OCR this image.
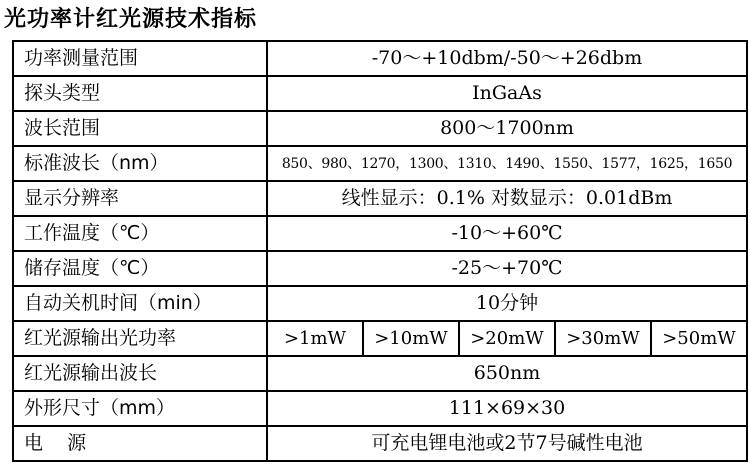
光功率计红光源技术指标
功率测量范围	-70～+10dbm/-50～+26dbm
探头类型	InGaAs
波长范围	800～1700nm
标准波长（nm）	850、980、1270，1300、1310、1490、1550、1577，1625，1650
显示分辨率	线性显示：0.1% 对数显示：0.01dBm
工作温度（℃）	-10～+60℃
储存温度（℃）	-25～+70℃
自动关机时间（min）	10分钟
红光源输出光功率	>1mW >10mW >20mW >30mW >50mW

红光源输出波长	650nm
外形尺寸（mm）	111×69×30
电    源	可充电锂电池或2节7号碱性电池
